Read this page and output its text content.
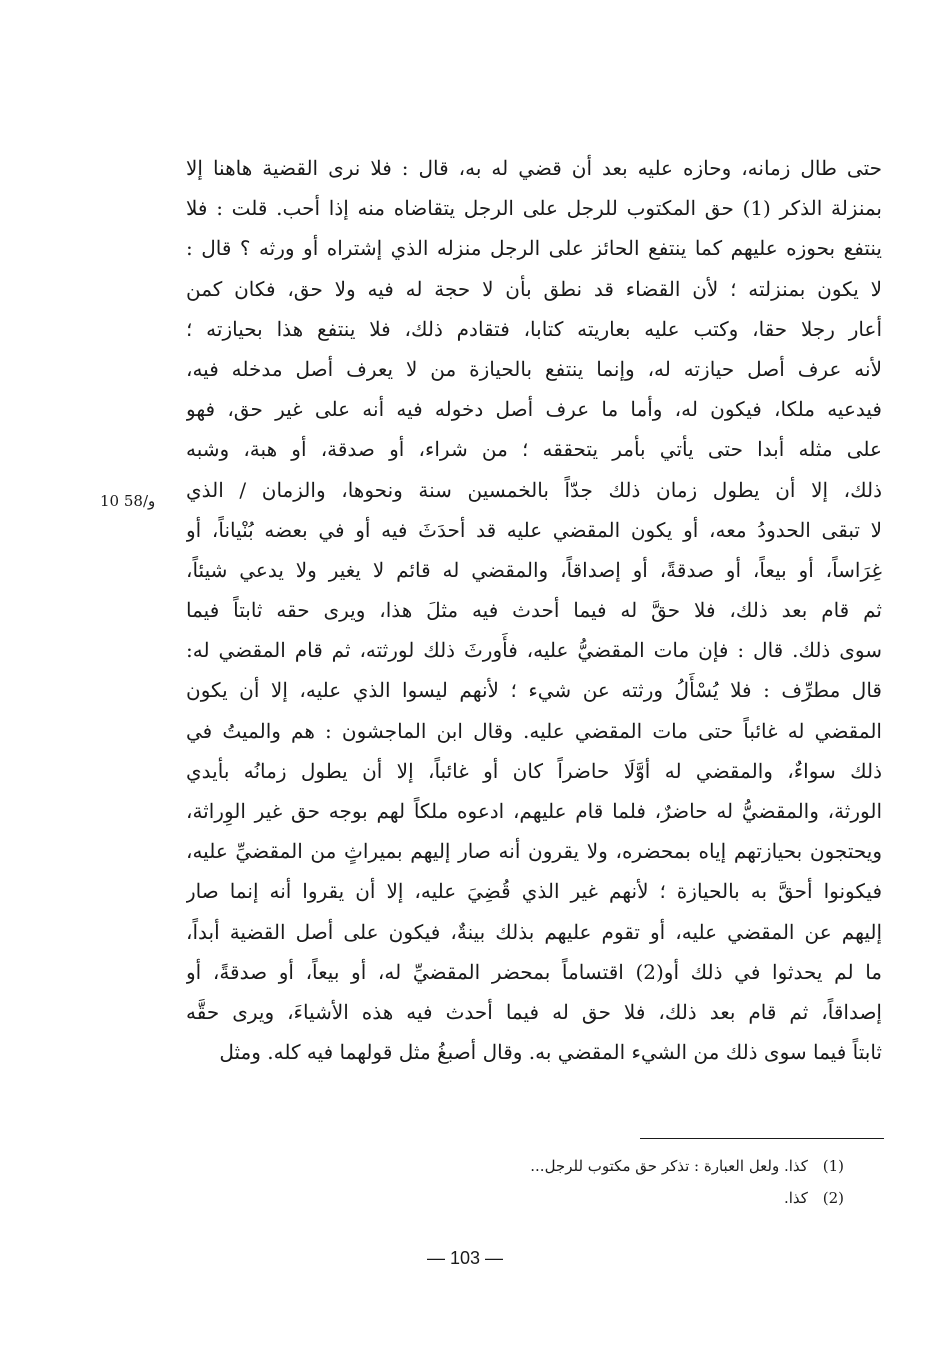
حتى طال زمانه، وحازه عليه بعد أن قضي له به، قال : فلا نرى القضية هاهنا إلا
بمنزلة الذكر (1) حق المكتوب للرجل على الرجل يتقاضاه منه إذا أحب. قلت : فلا
ينتفع بحوزه عليهم كما ينتفع الحائز على الرجل منزله الذي إشتراه أو ورثه ؟ قال :
لا يكون بمنزلته ؛ لأن القضاء قد نطق بأن لا حجة له فيه ولا حق، فكان كمن
أعار رجلا حقا، وكتب عليه بعاريته كتابا، فتقادم ذلك، فلا ينتفع هذا بحيازته ؛
لأنه عرف أصل حيازته له، وإنما ينتفع بالحيازة من لا يعرف أصل مدخله فيه،
فيدعيه ملكا، فيكون له، وأما ما عرف أصل دخوله فيه أنه على غير حق، فهو
على مثله أبدا حتى يأتي بأمر يتحققه ؛ من شراء، أو صدقة، أو هبة، وشبه
ذلك، إلا أن يطول زمان ذلك جدّاً بالخمسين سنة ونحوها، والزمان / الذي
لا تبقى الحدودُ معه، أو يكون المقضي عليه قد أحدَثَ فيه أو في بعضه بُنْياناً، أو
غِرَاساً، أو بيعاً، أو صدقةً، أو إصداقاً، والمقضي له قائم لا يغير ولا يدعي شيئاً،
ثم قام بعد ذلك، فلا حقَّ له فيما أحدث فيه مثلَ هذا، ويرى حقه ثابتاً فيما
سوى ذلك. قال : فإن مات المقضيُّ عليه، فأَورثَ ذلك لورثته، ثم قام المقضي له:
قال مطرِّف : فلا يُسْأَلُ ورثته عن شيء ؛ لأنهم ليسوا الذي عليه، إلا أن يكون
المقضي له غائباً حتى مات المقضي عليه. وقال ابن الماجشون : هم والميتُ في
ذلك سواءٌ، والمقضي له أوَّلَا حاضراً كان أو غائباً، إلا أن يطول زمانُه بأيدي
الورثة، والمقضيُّ له حاضرٌ، فلما قام عليهم، ادعوه ملكاً لهم بوجه حق غير الوِراثة،
ويحتجون بحيازتهم إياه بمحضره، ولا يقرون أنه صار إليهم بميراثٍ من المقضيِّ عليه،
فيكونوا أحقَّ به بالحيازة ؛ لأنهم غير الذي قُضِيَ عليه، إلا أن يقروا أنه إنما صار
إليهم عن المقضي عليه، أو تقوم عليهم بذلك بينةٌ، فيكون على أصل القضية أبداً،
ما لم يحدثوا في ذلك أو(2) اقتساماً بمحضر المقضيِّ له، أو بيعاً، أو صدقةً، أو
إصداقاً، ثم قام بعد ذلك، فلا حق له فيما أحدث فيه هذه الأشياءَ، ويرى حقَّه
ثابتاً فيما سوى ذلك من الشيء المقضي به. وقال أصبغُ مثل قولهما فيه كله. ومثل
10 58/و
(1) كذا. ولعل العبارة : تذكر حق مكتوب للرجل...
(2) كذا.
— 103 —
